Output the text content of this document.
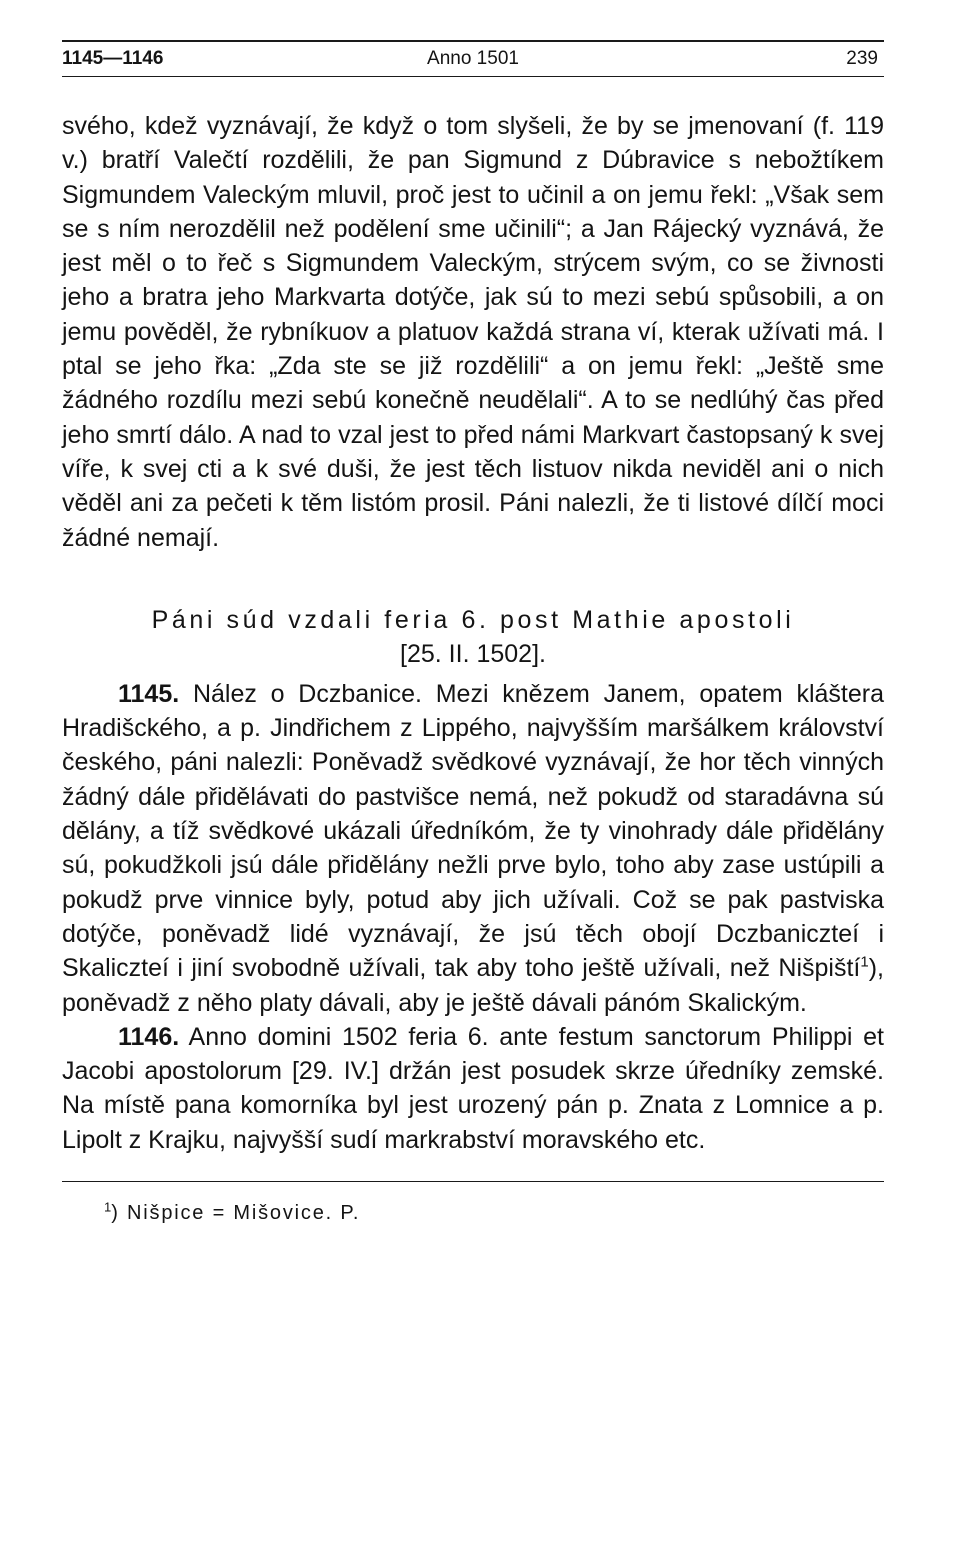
1145—1146	Anno 1501	239

svého, kdež vyznávají, že když o tom slyšeli, že by se jmenovaní (f. 119 v.) bratří Valečtí rozdělili, že pan Sigmund z Dúbravice s nebožtíkem Sigmundem Valeckým mluvil, proč jest to učinil a on jemu řekl: „Však sem se s ním nerozdělil než podělení sme učinili“; a Jan Rájecký vyznává, že jest měl o to řeč s Sigmundem Valeckým, strýcem svým, co se živnosti jeho a bratra jeho Markvarta dotýče, jak sú to mezi sebú spůsobili, a on jemu pověděl, že rybníkuov a platuov každá strana ví, kterak užívati má. I ptal se jeho řka: „Zda ste se již rozdělili“ a on jemu řekl: „Ještě sme žádného rozdílu mezi sebú konečně neudělali“. A to se nedlúhý čas před jeho smrtí dálo. A nad to vzal jest to před námi Markvart častopsaný k svej víře, k svej cti a k své duši, že jest těch listuov nikda neviděl ani o nich věděl ani za pečeti k těm listóm prosil. Páni nalezli, že ti listové dílčí moci žádné nemají.

Páni súd vzdali feria 6. post Mathie apostoli
[25. II. 1502].

1145. Nález o Dczbanice. Mezi knězem Janem, opatem kláštera Hradišckého, a p. Jindřichem z Lippého, najvyšším maršálkem království českého, páni nalezli: Poněvadž svědkové vyznávají, že hor těch vinných žádný dále přidělávati do pastvišce nemá, než pokudž od staradávna sú dělány, a tíž svědkové ukázali úředníkóm, že ty vinohrady dále přidělány sú, pokudžkoli jsú dále přidělány nežli prve bylo, toho aby zase ustúpili a pokudž prve vinnice byly, potud aby jich užívali. Což se pak pastviska dotýče, poněvadž lidé vyznávají, že jsú těch obojí Dczbaniczteí i Skaliczteí i jiní svobodně užívali, tak aby toho ještě užívali, než Nišpiští$^1$), poněvadž z něho platy dávali, aby je ještě dávali pánóm Skalickým.

1146. Anno domini 1502 feria 6. ante festum sanctorum Philippi et Jacobi apostolorum [29. IV.] držán jest posudek skrze úředníky zemské. Na místě pana komorníka byl jest urozený pán p. Znata z Lomnice a p. Lipolt z Krajku, najvyšší sudí markrabství moravského etc.

$^1$) Nišpice = Mišovice. P.
